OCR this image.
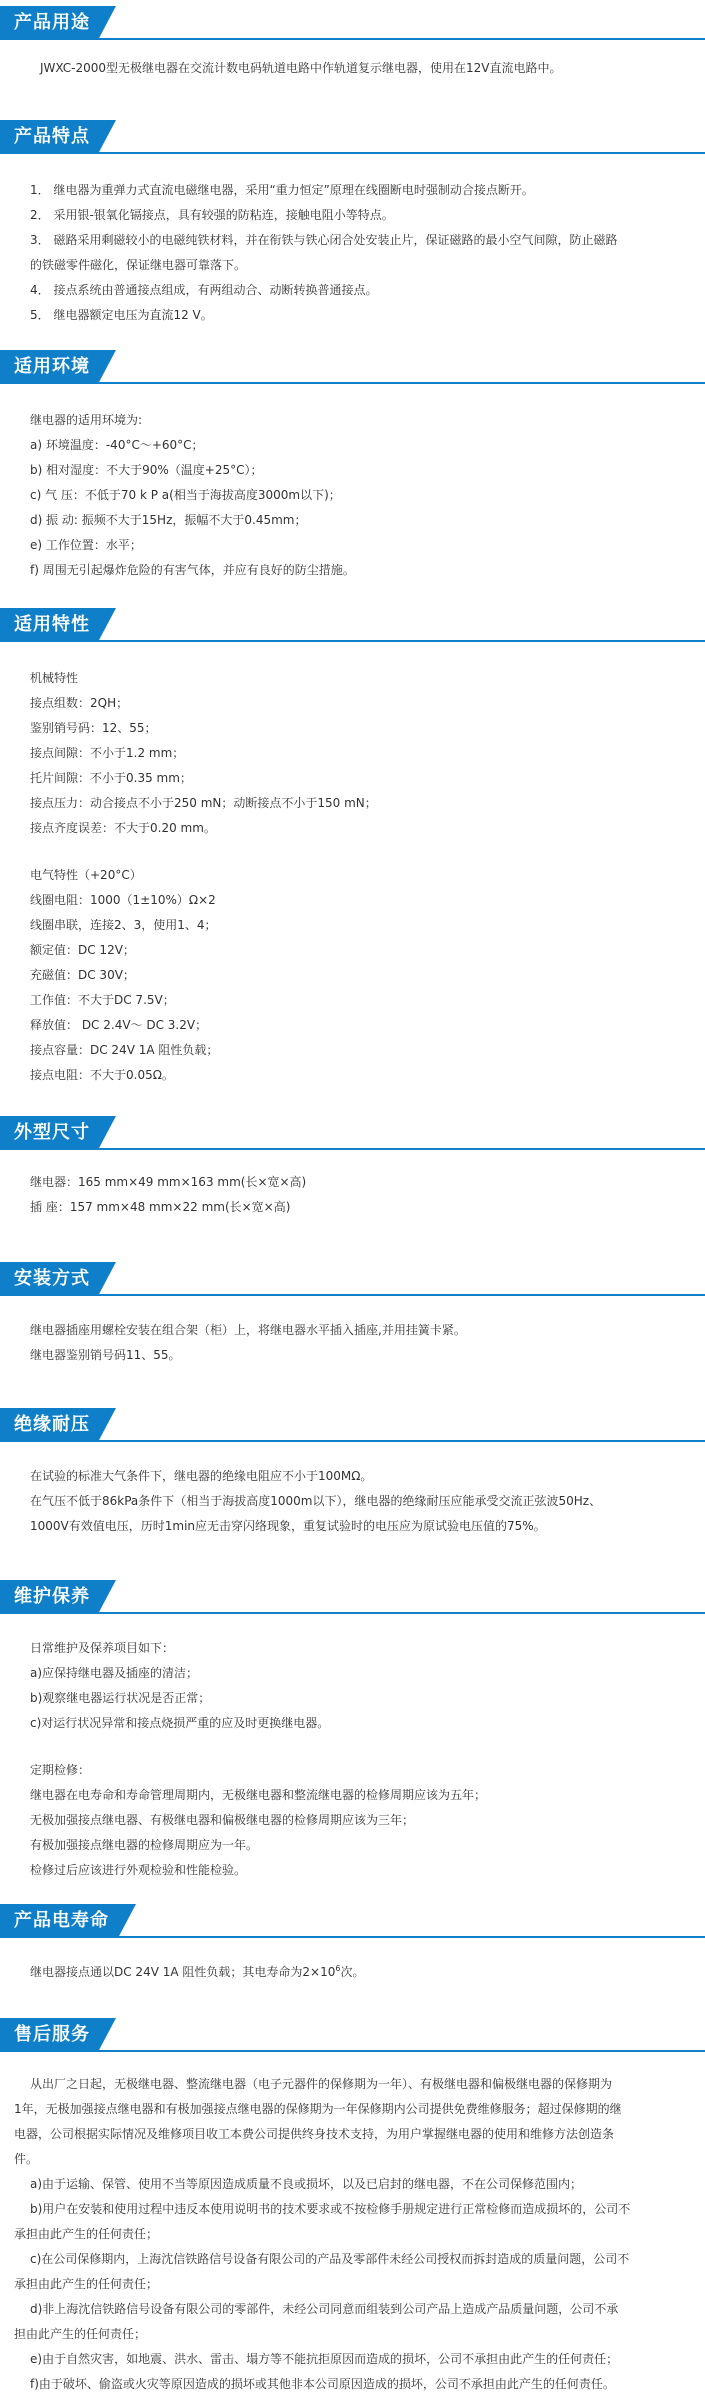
产品用途

JWXC-2000型无极继电器在交流计数电码轨道电路中作轨道复示继电器，使用在12V直流电路中。

产品特点

1． 继电器为重弹力式直流电磁继电器，采用“重力恒定”原理在线圈断电时强制动合接点断开。

2． 采用银-银氧化镉接点，具有较强的防粘连，接触电阻小等特点。

3． 磁路采用剩磁较小的电磁纯铁材料，并在衔铁与铁心闭合处安装止片，保证磁路的最小空气间隙，防止磁路

的铁磁零件磁化，保证继电器可靠落下。

4． 接点系统由普通接点组成，有两组动合、动断转换普通接点。

5． 继电器额定电压为直流12 V。

适用环境

继电器的适用环境为:

a) 环境温度：-40°C～+60°C；

b) 相对湿度：不大于90%（温度+25°C）；

c) 气 压：不低于70 k P a(相当于海拔高度3000m以下)；

d) 振 动: 振频不大于15Hz，振幅不大于0.45mm；

e) 工作位置：水平；

f) 周围无引起爆炸危险的有害气体，并应有良好的防尘措施。

适用特性

机械特性

接点组数：2QH；

鉴别销号码：12、55；

接点间隙：不小于1.2 mm；

托片间隙：不小于0.35 mm；

接点压力：动合接点不小于250 mN；动断接点不小于150 mN；

接点齐度误差：不大于0.20 mm。

电气特性（+20°C）

线圈电阻：1000（1±10%）Ω×2

线圈串联，连接2、3，使用1、4；

额定值：DC 12V；

充磁值：DC 30V；

工作值：不大于DC 7.5V；

释放值： DC 2.4V～ DC 3.2V；

接点容量：DC 24V 1A 阻性负载；

接点电阻：不大于0.05Ω。

外型尺寸

继电器：165 mm×49 mm×163 mm(长×宽×高)

插 座：157 mm×48 mm×22 mm(长×宽×高)

安装方式

继电器插座用螺栓安装在组合架（柜）上，将继电器水平插入插座,并用挂簧卡紧。

继电器鉴别销号码11、55。

绝缘耐压

在试验的标准大气条件下，继电器的绝缘电阻应不小于100MΩ。

在气压不低于86kPa条件下（相当于海拔高度1000m以下），继电器的绝缘耐压应能承受交流正弦波50Hz、

1000V有效值电压，历时1min应无击穿闪络现象，重复试验时的电压应为原试验电压值的75%。

维护保养

日常维护及保养项目如下：

a)应保持继电器及插座的清洁；

b)观察继电器运行状况是否正常；

c)对运行状况异常和接点烧损严重的应及时更换继电器。

定期检修：

继电器在电寿命和寿命管理周期内，无极继电器和整流继电器的检修周期应该为五年；

无极加强接点继电器、有极继电器和偏极继电器的检修周期应该为三年；

有极加强接点继电器的检修周期应为一年。

检修过后应该进行外观检验和性能检验。

产品电寿命

继电器接点通以DC 24V 1A 阻性负载；其电寿命为$2\times 10^6$次。

售后服务

从出厂之日起，无极继电器、整流继电器（电子元器件的保修期为一年）、有极继电器和偏极继电器的保修期为

1年，无极加强接点继电器和有极加强接点继电器的保修期为一年保修期内公司提供免费维修服务；超过保修期的继

电器，公司根据实际情况及维修项目收工本费公司提供终身技术支持，为用户掌握继电器的使用和维修方法创造条

件。

a)由于运输、保管、使用不当等原因造成质量不良或损坏，以及已启封的继电器，不在公司保修范围内；

b)用户在安装和使用过程中违反本使用说明书的技术要求或不按检修手册规定进行正常检修而造成损坏的，公司不

承担由此产生的任何责任；

c)在公司保修期内，上海沈信铁路信号设备有限公司的产品及零部件未经公司授权而拆封造成的质量问题，公司不

承担由此产生的任何责任；

d)非上海沈信铁路信号设备有限公司的零部件，未经公司同意而组装到公司产品上造成产品质量问题，公司不承

担由此产生的任何责任；

e)由于自然灾害，如地震、洪水、雷击、塌方等不能抗拒原因而造成的损坏，公司不承担由此产生的任何责任；

f)由于破坏、偷盗或火灾等原因造成的损坏或其他非本公司原因造成的损坏，公司不承担由此产生的任何责任。
